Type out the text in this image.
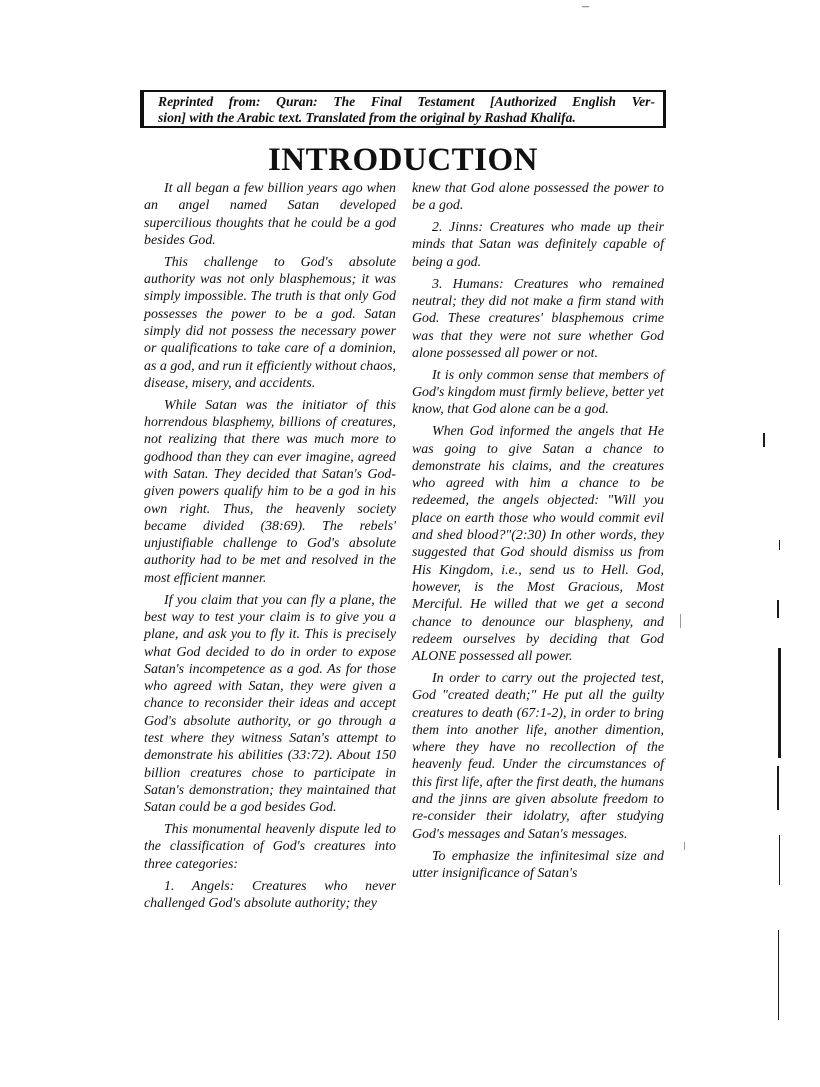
–
Reprinted from: Quran: The Final Testament [Authorized English Ver-
sion] with the Arabic text. Translated from the original by Rashad Khalifa.
INTRODUCTION

It all began a few billion years ago when an angel named Satan developed supercilious thoughts that he could be a god besides God.

This challenge to God's absolute authority was not only blasphemous; it was simply impossible. The truth is that only God possesses the power to be a god. Satan simply did not possess the necessary power or qualifications to take care of a dominion, as a god, and run it efficiently without chaos, disease, misery, and accidents.

While Satan was the initiator of this horrendous blasphemy, billions of creatures, not realizing that there was much more to godhood than they can ever imagine, agreed with Satan. They decided that Satan's God-given powers qualify him to be a god in his own right. Thus, the heavenly society became divided (38:69). The rebels' unjustifiable challenge to God's absolute authority had to be met and resolved in the most efficient manner.

If you claim that you can fly a plane, the best way to test your claim is to give you a plane, and ask you to fly it. This is precisely what God decided to do in order to expose Satan's incompetence as a god. As for those who agreed with Satan, they were given a chance to reconsider their ideas and accept God's absolute authority, or go through a test where they witness Satan's attempt to demonstrate his abilities (33:72). About 150 billion creatures chose to participate in Satan's demonstration; they maintained that Satan could be a god besides God.

This monumental heavenly dispute led to the classification of God's creatures into three categories:

1. Angels: Creatures who never challenged God's absolute authority; they

knew that God alone possessed the power to be a god.

2. Jinns: Creatures who made up their minds that Satan was definitely capable of being a god.

3. Humans: Creatures who remained neutral; they did not make a firm stand with God. These creatures' blasphemous crime was that they were not sure whether God alone possessed all power or not.

It is only common sense that members of God's kingdom must firmly believe, better yet know, that God alone can be a god.

When God informed the angels that He was going to give Satan a chance to demonstrate his claims, and the creatures who agreed with him a chance to be redeemed, the angels objected: "Will you place on earth those who would commit evil and shed blood?"(2:30) In other words, they suggested that God should dismiss us from His Kingdom, i.e., send us to Hell. God, however, is the Most Gracious, Most Merciful. He willed that we get a second chance to denounce our blaspheny, and redeem ourselves by deciding that God ALONE possessed all power.

In order to carry out the projected test, God "created death;" He put all the guilty creatures to death (67:1-2), in order to bring them into another life, another dimention, where they have no recollection of the heavenly feud. Under the circumstances of this first life, after the first death, the humans and the jinns are given absolute freedom to re-consider their idolatry, after studying God's messages and Satan's messages.

To emphasize the infinitesimal size and utter insignificance of Satan's
